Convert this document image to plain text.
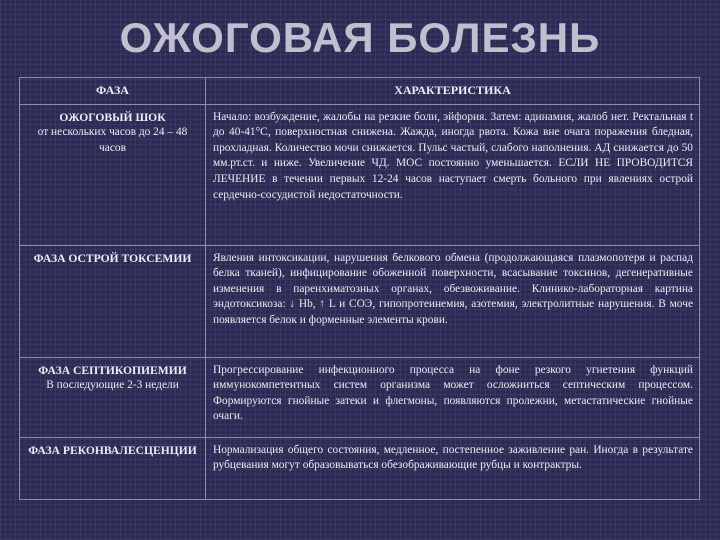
ОЖОГОВАЯ БОЛЕЗНЬ
ФАЗА	ХАРАКТЕРИСТИКА

ОЖОГОВЫЙ ШОК
от нескольких часов до 24 – 48 часов	Начало: возбуждение, жалобы на резкие боли, эйфория. Затем: адинамия, жалоб нет. Ректальная t до 40-41°С, поверхностная снижена. Жажда, иногда рвота. Кожа вне очага поражения бледная, прохладная. Количество мочи снижается. Пульс частый, слабого наполнения. АД снижается до 50 мм.рт.ст. и ниже. Увеличение ЧД. МОС постоянно уменьшается. ЕСЛИ НЕ ПРОВОДИТСЯ ЛЕЧЕНИЕ в течении первых 12-24 часов наступает смерть больного при явлениях острой сердечно-сосудистой недостаточности.

ФАЗА ОСТРОЙ ТОКСЕМИИ	Явления интоксикации, нарушения белкового обмена (продолжающаяся плазмопотеря и распад белка тканей), инфицирование обоженной поверхности, всасывание токсинов, дегенеративные изменения в паренхиматозных органах, обезвоживание. Клинико-лабораторная картина эндотоксикоза: ↓ Hb, ↑ L и СОЭ, гипопротеинемия, азотемия, электролитные нарушения. В моче появляется белок и форменные элементы крови.

ФАЗА СЕПТИКОПИЕМИИ
В последующие 2-3 недели	Прогрессирование инфекционного процесса на фоне резкого угнетения функций иммунокомпетентных систем организма может осложниться септическим процессом. Формируются гнойные затеки и флегмоны, появляются пролежни, метастатические гнойные очаги.

ФАЗА РЕКОНВАЛЕСЦЕНЦИИ	Нормализация общего состояния, медленное, постепенное заживление ран. Иногда в результате рубцевания могут образовываться обезображивающие рубцы и контрактры.
